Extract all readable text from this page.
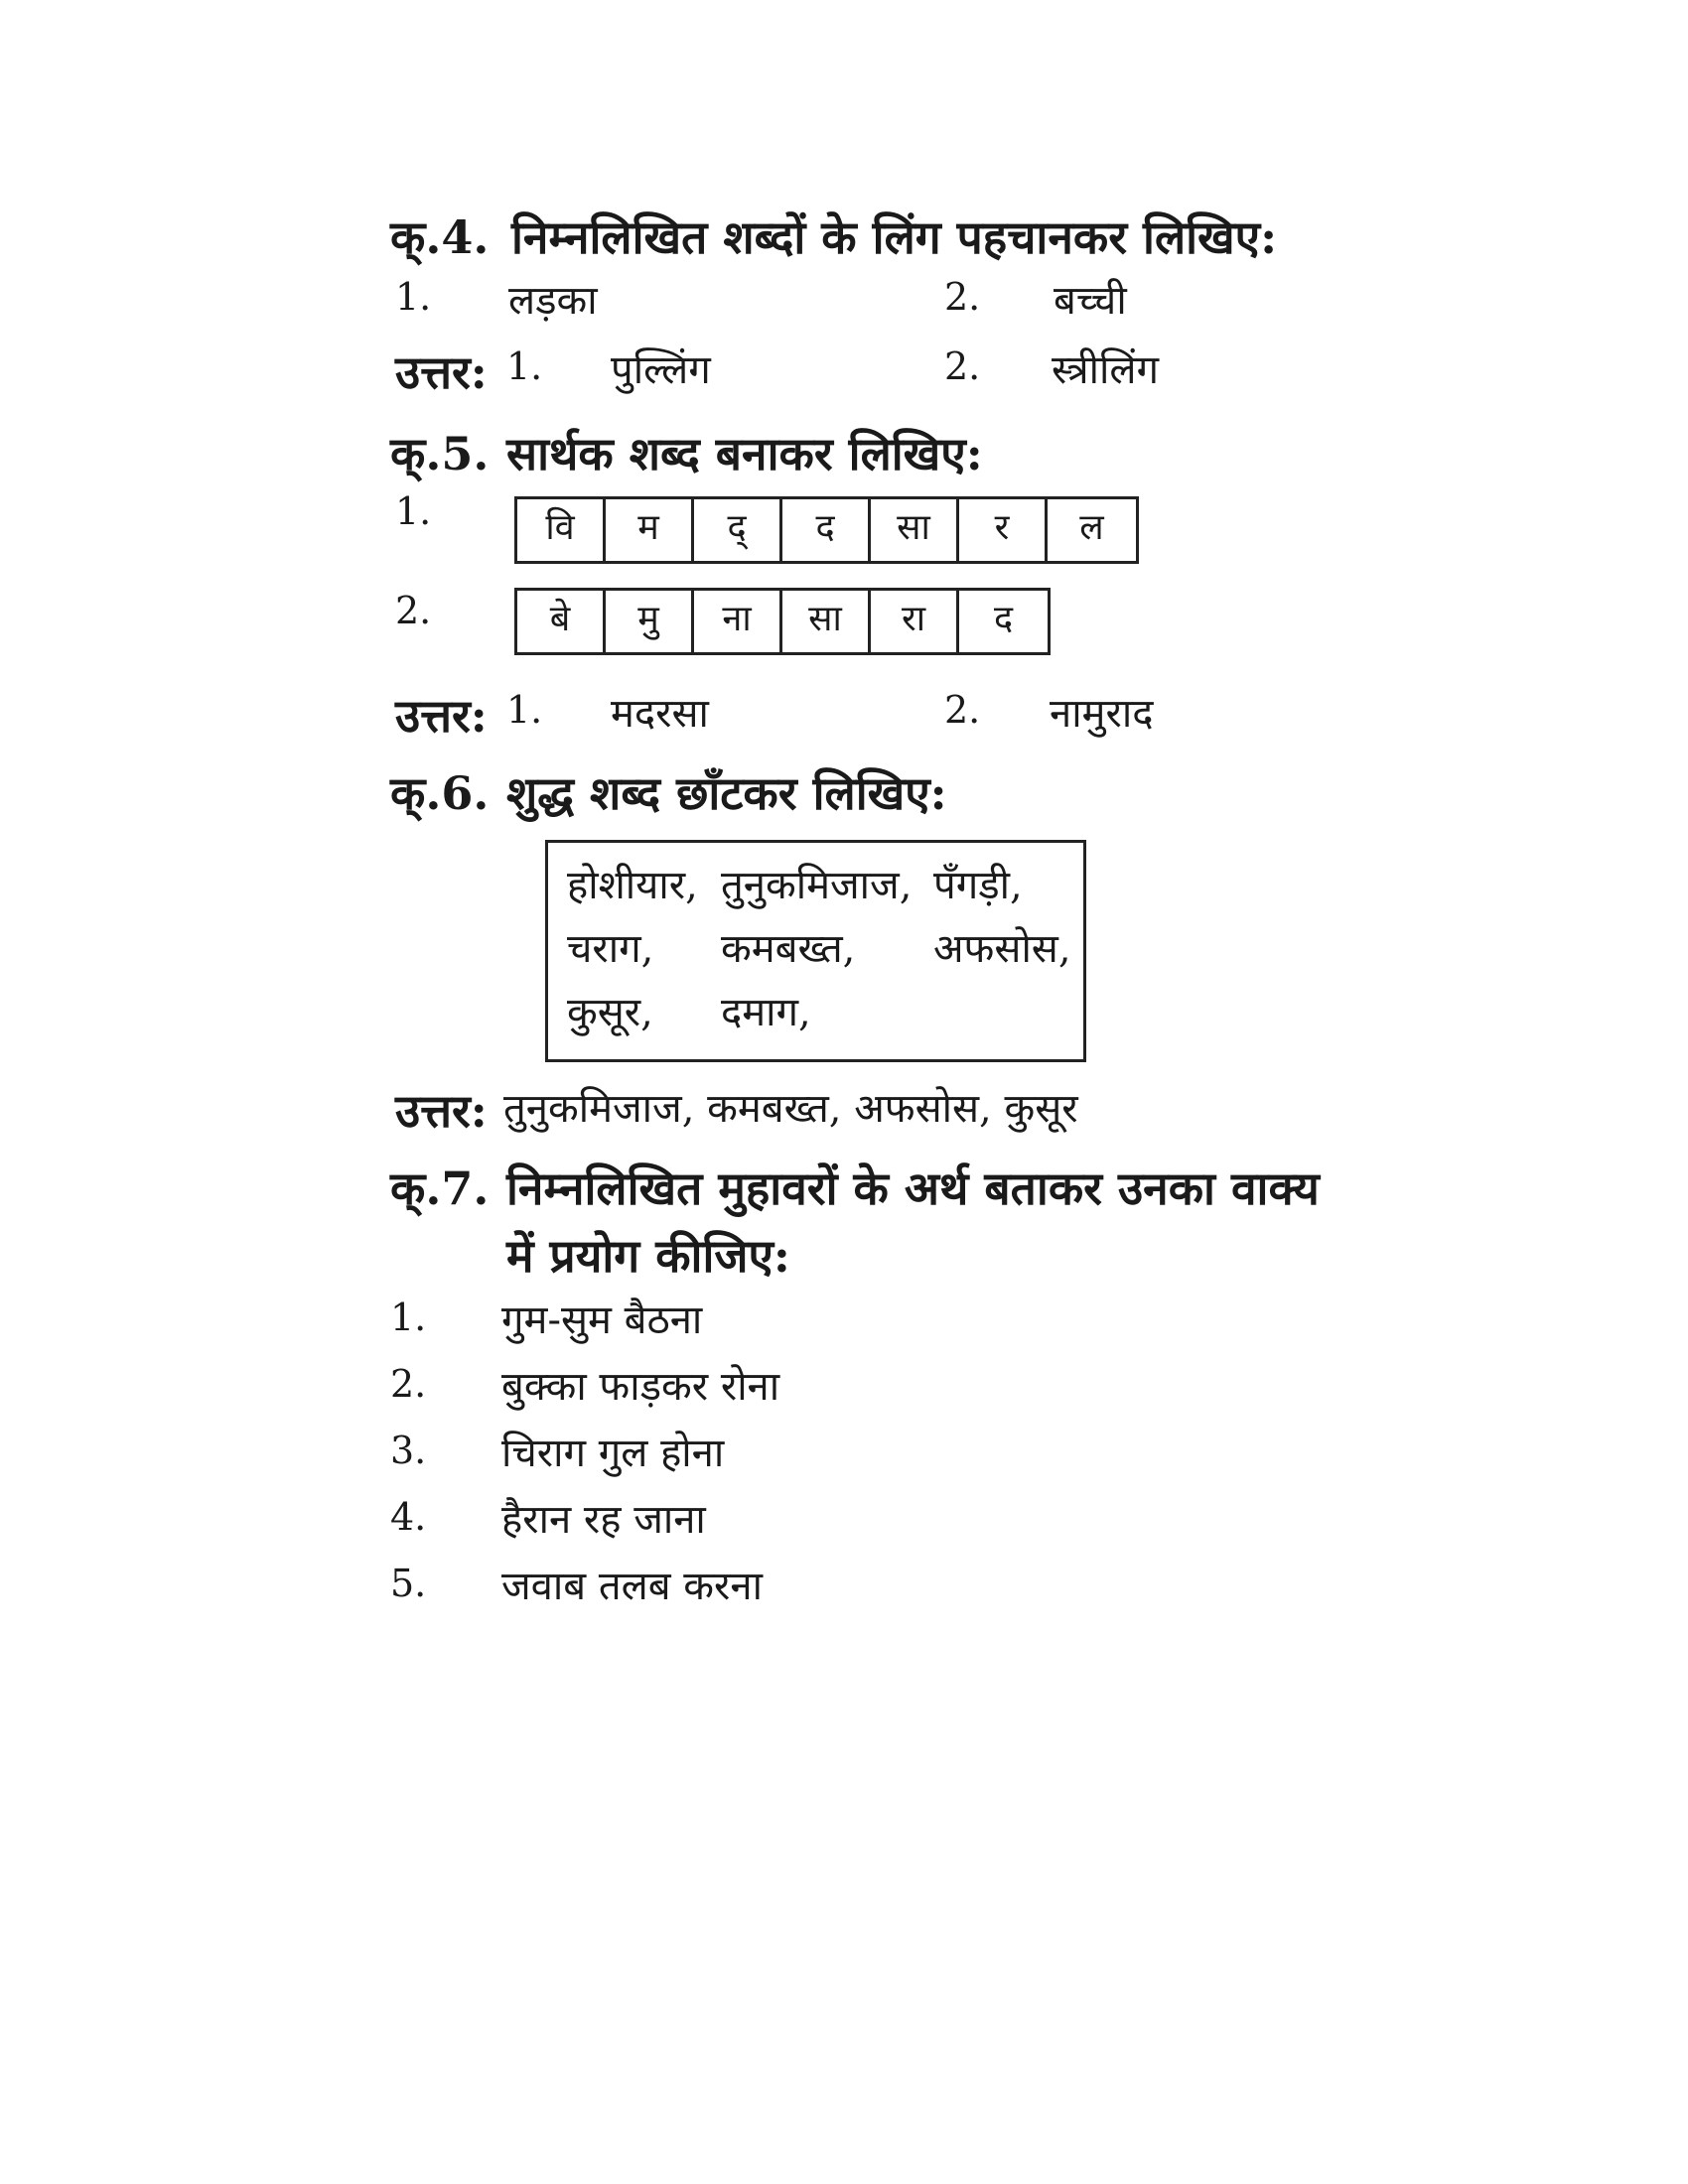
क्.4. निम्नलिखित शब्दों के लिंग पहचानकर लिखिए:
1. लड़का	2. बच्ची
उत्तर: 1. पुल्लिंग	2. स्त्रीलिंग
क्.5. सार्थक शब्द बनाकर लिखिए:
1.	वि	म	द्	द	सा	र	ल
2.	बे	मु	ना	सा	रा	द
उत्तर: 1. मदरसा	2. नामुराद
क्.6. शुद्ध शब्द छाँटकर लिखिए:
होशीयार, तुनुकमिजाज, पँगड़ी,
चराग, कमबख्त, अफसोस,
कुसूर, दमाग,
उत्तर: तुनुकमिजाज, कमबख्त, अफसोस, कुसूर
क्.7. निम्नलिखित मुहावरों के अर्थ बताकर उनका वाक्य
में प्रयोग कीजिए:
1. गुम-सुम बैठना
2. बुक्का फाड़कर रोना
3. चिराग गुल होना
4. हैरान रह जाना
5. जवाब तलब करना
